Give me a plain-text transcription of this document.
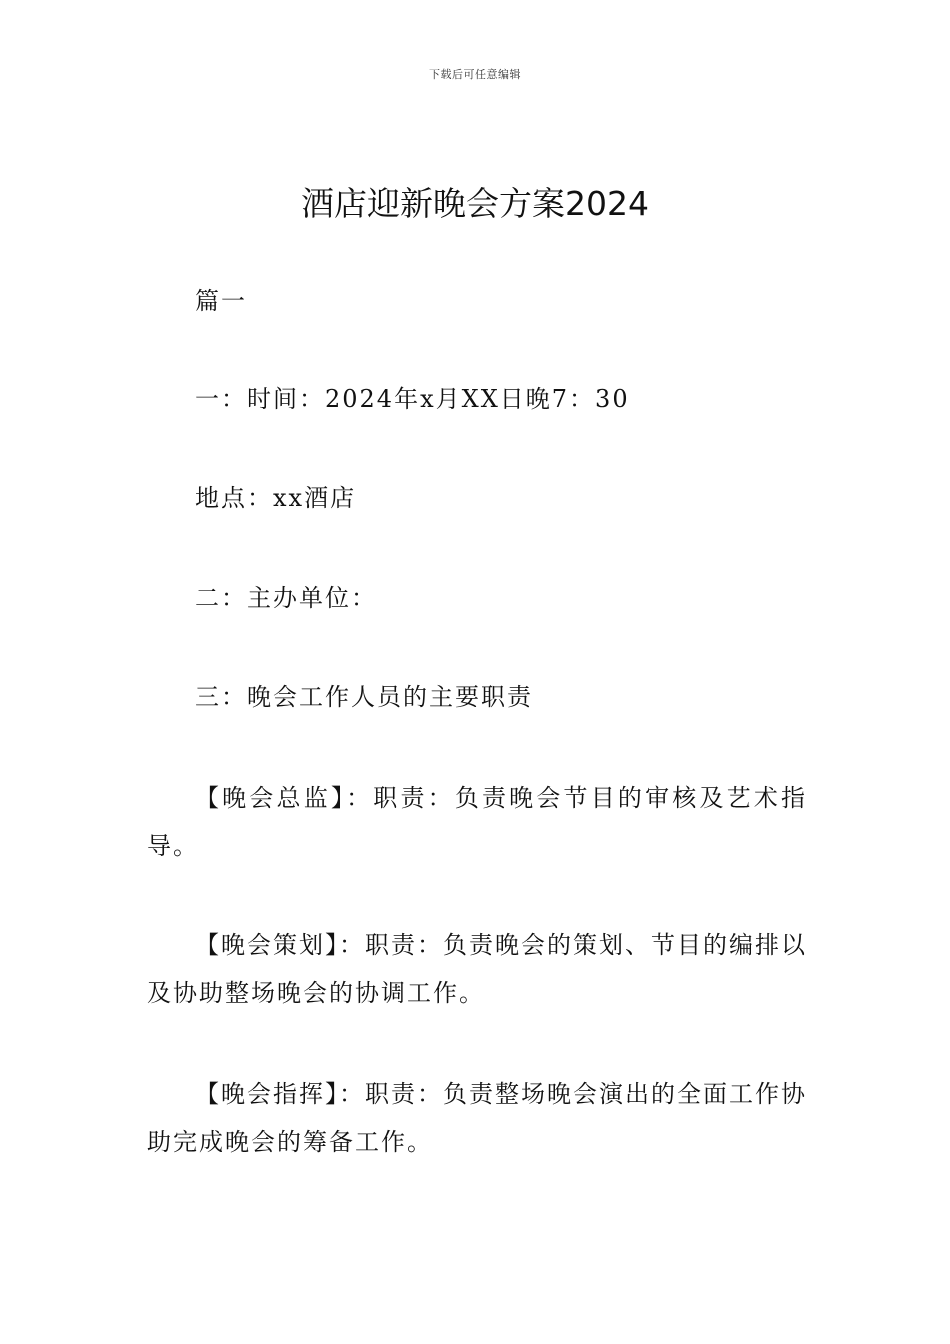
下载后可任意编辑
酒店迎新晚会方案2024

篇一

一：时间：2024年x月XX日晚7：30

地点：xx酒店

二：主办单位：

三：晚会工作人员的主要职责

【晚会总监】：职责：负责晚会节目的审核及艺术指导。

【晚会策划】：职责：负责晚会的策划、节目的编排以及协助整场晚会的协调工作。

【晚会指挥】：职责：负责整场晚会演出的全面工作协助完成晚会的筹备工作。
